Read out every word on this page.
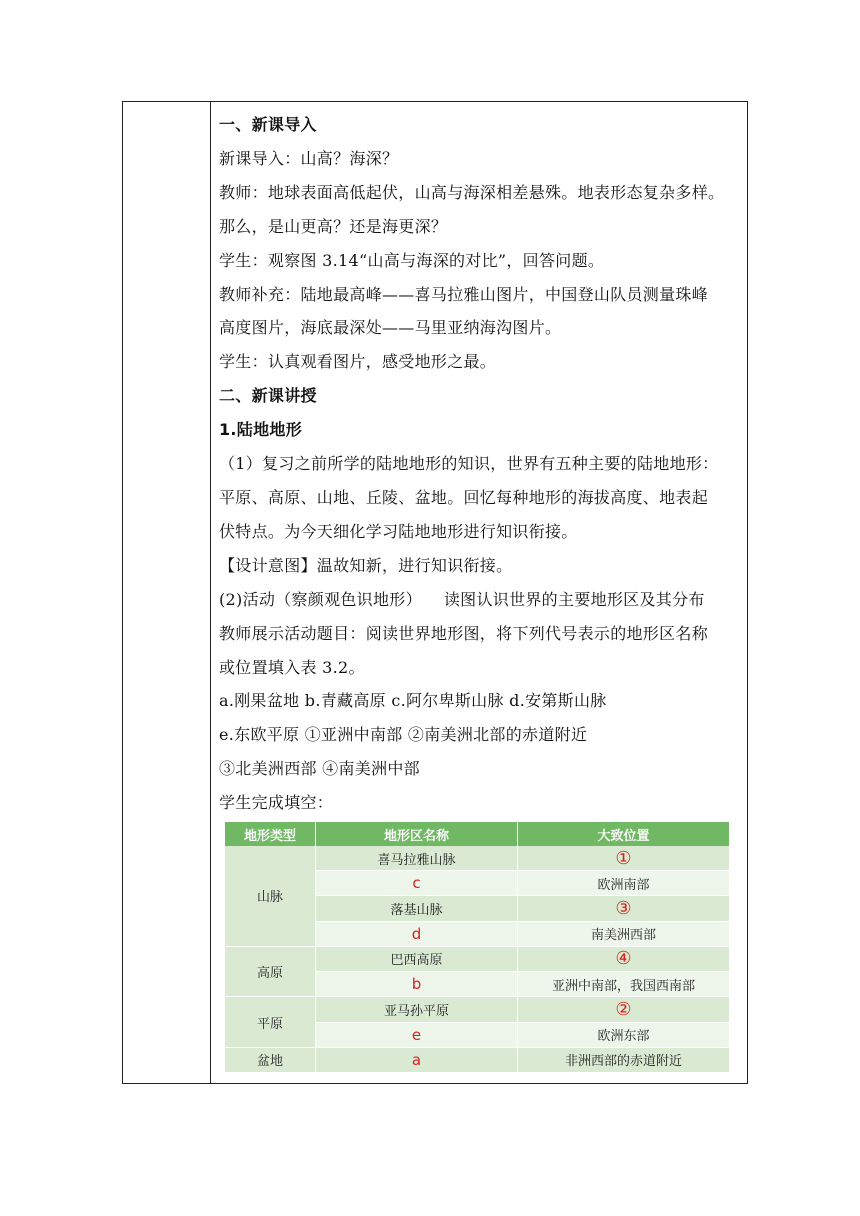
一、新课导入

新课导入：山高？海深？

教师：地球表面高低起伏，山高与海深相差悬殊。地表形态复杂多样。

那么，是山更高？还是海更深？

学生：观察图 3.14“山高与海深的对比”，回答问题。

教师补充：陆地最高峰——喜马拉雅山图片，中国登山队员测量珠峰

高度图片，海底最深处——马里亚纳海沟图片。

学生：认真观看图片，感受地形之最。

二、新课讲授

1.陆地地形

（1）复习之前所学的陆地地形的知识，世界有五种主要的陆地地形：

平原、高原、山地、丘陵、盆地。回忆每种地形的海拔高度、地表起

伏特点。为今天细化学习陆地地形进行知识衔接。

【设计意图】温故知新，进行知识衔接。

(2)活动（察颜观色识地形） 读图认识世界的主要地形区及其分布

教师展示活动题目：阅读世界地形图，将下列代号表示的地形区名称

或位置填入表 3.2。

a.刚果盆地 b.青藏高原 c.阿尔卑斯山脉 d.安第斯山脉

e.东欧平原 ①亚洲中南部 ②南美洲北部的赤道附近

③北美洲西部 ④南美洲中部

学生完成填空：

地形类型	地形区名称	大致位置
山脉	喜马拉雅山脉	①
	c	欧洲南部
	落基山脉	③
	d	南美洲西部
高原	巴西高原	④
	b	亚洲中南部，我国西南部
平原	亚马孙平原	②
	e	欧洲东部
盆地	a	非洲西部的赤道附近
